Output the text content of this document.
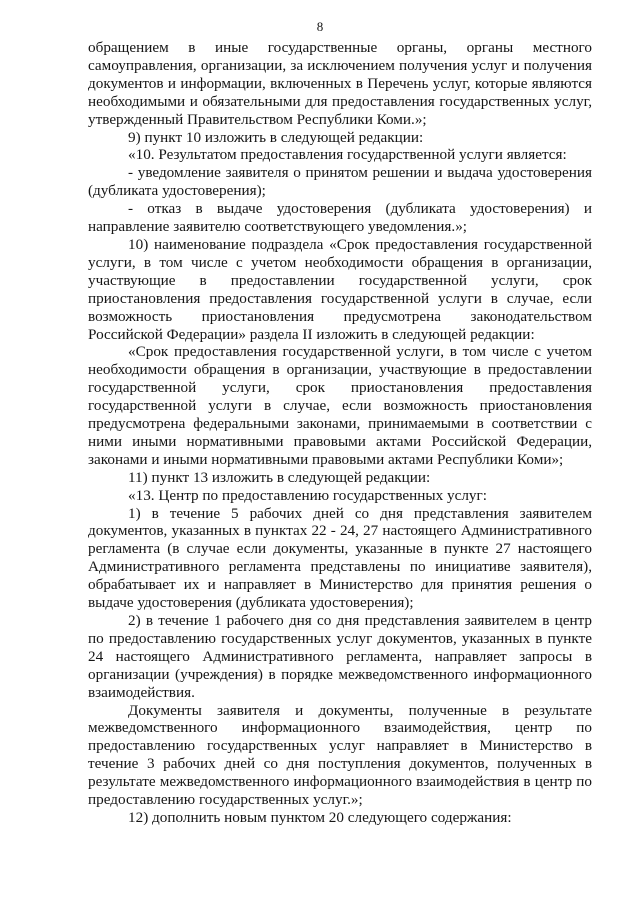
8

обращением в иные государственные органы, органы местного самоуправления, организации, за исключением получения услуг и получения документов и информации, включенных в Перечень услуг, которые являются необходимыми и обязательными для предоставления государственных услуг, утвержденный Правительством Республики Коми.»;

9) пункт 10 изложить в следующей редакции:

«10. Результатом предоставления государственной услуги является:

- уведомление заявителя о принятом решении и выдача удостоверения (дубликата удостоверения);

- отказ в выдаче удостоверения (дубликата удостоверения) и направление заявителю соответствующего уведомления.»;

10) наименование подраздела «Срок предоставления государственной услуги, в том числе с учетом необходимости обращения в организации, участвующие в предоставлении государственной услуги, срок приостановления предоставления государственной услуги в случае, если возможность приостановления предусмотрена законодательством Российской Федерации» раздела II изложить в следующей редакции:

«Срок предоставления государственной услуги, в том числе с учетом необходимости обращения в организации, участвующие в предоставлении государственной услуги, срок приостановления предоставления государственной услуги в случае, если возможность приостановления предусмотрена федеральными законами, принимаемыми в соответствии с ними иными нормативными правовыми актами Российской Федерации, законами и иными нормативными правовыми актами Республики Коми»;

11) пункт 13 изложить в следующей редакции:

«13. Центр по предоставлению государственных услуг:

1) в течение 5 рабочих дней со дня представления заявителем документов, указанных в пунктах 22 - 24, 27 настоящего Административного регламента (в случае если документы, указанные в пункте 27 настоящего Административного регламента представлены по инициативе заявителя), обрабатывает их и направляет в Министерство для принятия решения о выдаче удостоверения (дубликата удостоверения);

2) в течение 1 рабочего дня со дня представления заявителем в центр по предоставлению государственных услуг документов, указанных в пункте 24 настоящего Административного регламента, направляет запросы в организации (учреждения) в порядке межведомственного информационного взаимодействия.

Документы заявителя и документы, полученные в результате межведомственного информационного взаимодействия, центр по предоставлению государственных услуг направляет в Министерство в течение 3 рабочих дней со дня поступления документов, полученных в результате межведомственного информационного взаимодействия в центр по предоставлению государственных услуг.»;

12) дополнить новым пунктом 20 следующего содержания:
